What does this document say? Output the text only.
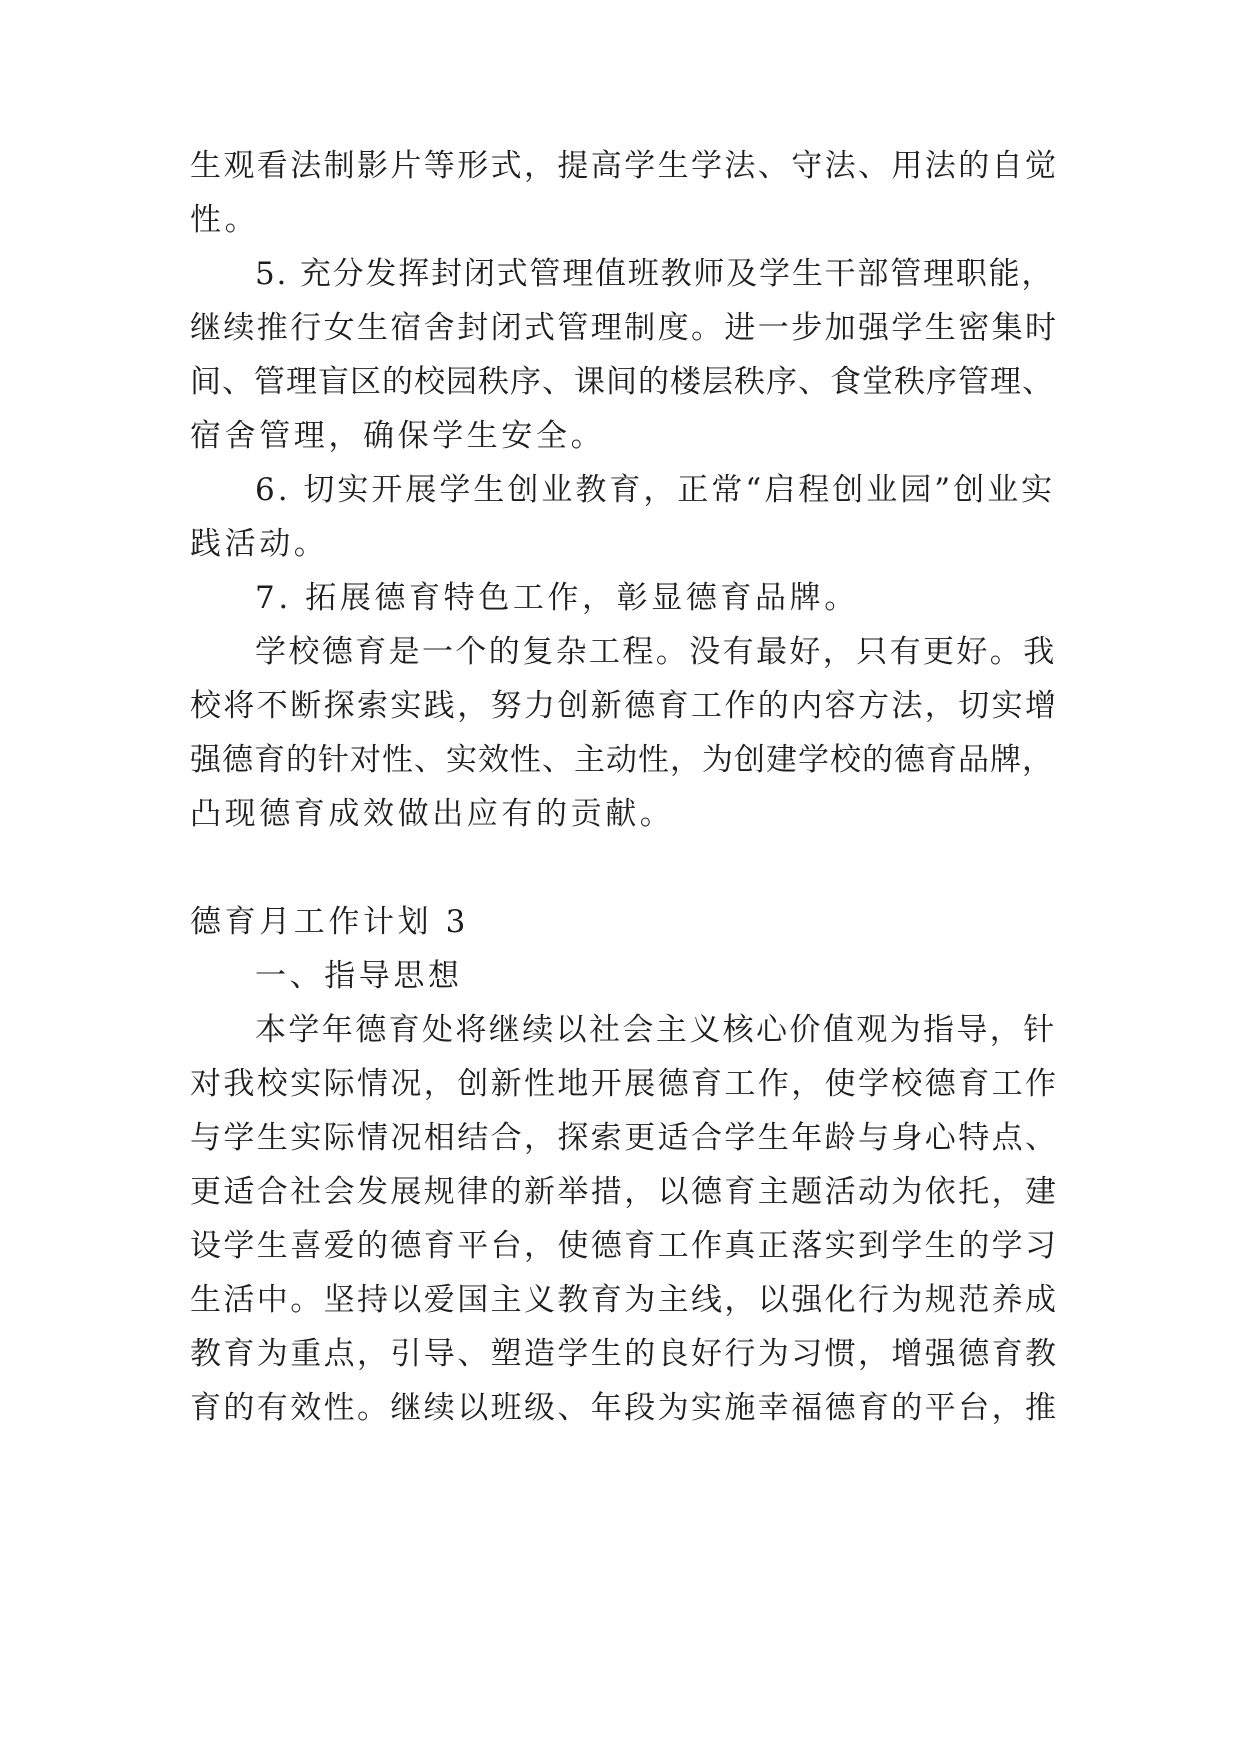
生观看法制影片等形式，提高学生学法、守法、用法的自觉
性。
5. 充分发挥封闭式管理值班教师及学生干部管理职能，
继续推行女生宿舍封闭式管理制度。进一步加强学生密集时
间、管理盲区的校园秩序、课间的楼层秩序、食堂秩序管理、
宿舍管理，确保学生安全。
6. 切实开展学生创业教育，正常“启程创业园”创业实
践活动。
7. 拓展德育特色工作，彰显德育品牌。
学校德育是一个的复杂工程。没有最好，只有更好。我
校将不断探索实践，努力创新德育工作的内容方法，切实增
强德育的针对性、实效性、主动性，为创建学校的德育品牌，
凸现德育成效做出应有的贡献。
德育月工作计划 3
一、指导思想
本学年德育处将继续以社会主义核心价值观为指导，针
对我校实际情况，创新性地开展德育工作，使学校德育工作
与学生实际情况相结合，探索更适合学生年龄与身心特点、
更适合社会发展规律的新举措，以德育主题活动为依托，建
设学生喜爱的德育平台，使德育工作真正落实到学生的学习
生活中。坚持以爱国主义教育为主线，以强化行为规范养成
教育为重点，引导、塑造学生的良好行为习惯，增强德育教
育的有效性。继续以班级、年段为实施幸福德育的平台，推
